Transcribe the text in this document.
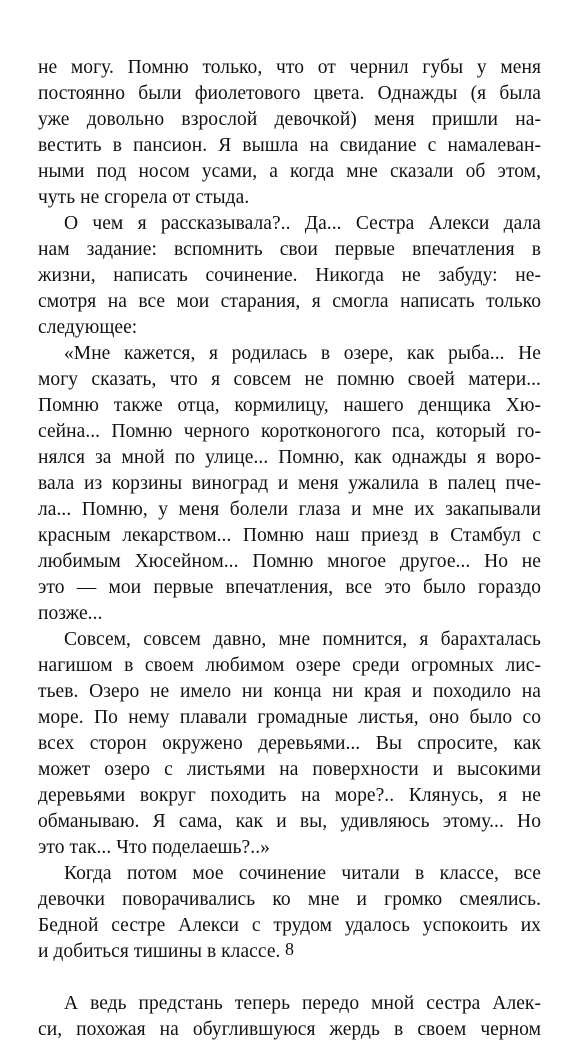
не могу. Помню только, что от чернил губы у меня
постоянно были фиолетового цвета. Однажды (я была
уже довольно взрослой девочкой) меня пришли на-
вестить в пансион. Я вышла на свидание с намалеван-
ными под носом усами, а когда мне сказали об этом,
чуть не сгорела от стыда.
О чем я рассказывала?.. Да... Сестра Алекси дала
нам задание: вспомнить свои первые впечатления в
жизни, написать сочинение. Никогда не забуду: не-
смотря на все мои старания, я смогла написать только
следующее:
«Мне кажется, я родилась в озере, как рыба... Не
могу сказать, что я совсем не помню своей матери...
Помню также отца, кормилицу, нашего денщика Хю-
сейна... Помню черного коротконогого пса, который го-
нялся за мной по улице... Помню, как однажды я воро-
вала из корзины виноград и меня ужалила в палец пче-
ла... Помню, у меня болели глаза и мне их закапывали
красным лекарством... Помню наш приезд в Стамбул с
любимым Хюсейном... Помню многое другое... Но не
это — мои первые впечатления, все это было гораздо
позже...
Совсем, совсем давно, мне помнится, я барахталась
нагишом в своем любимом озере среди огромных лис-
тьев. Озеро не имело ни конца ни края и походило на
море. По нему плавали громадные листья, оно было со
всех сторон окружено деревьями... Вы спросите, как
может озеро с листьями на поверхности и высокими
деревьями вокруг походить на море?.. Клянусь, я не
обманываю. Я сама, как и вы, удивляюсь этому... Но
это так... Что поделаешь?..»
Когда потом мое сочинение читали в классе, все
девочки поворачивались ко мне и громко смеялись.
Бедной сестре Алекси с трудом удалось успокоить их
и добиться тишины в классе.
А ведь предстань теперь передо мной сестра Алек-
си, похожая на обуглившуюся жердь в своем черном
8
